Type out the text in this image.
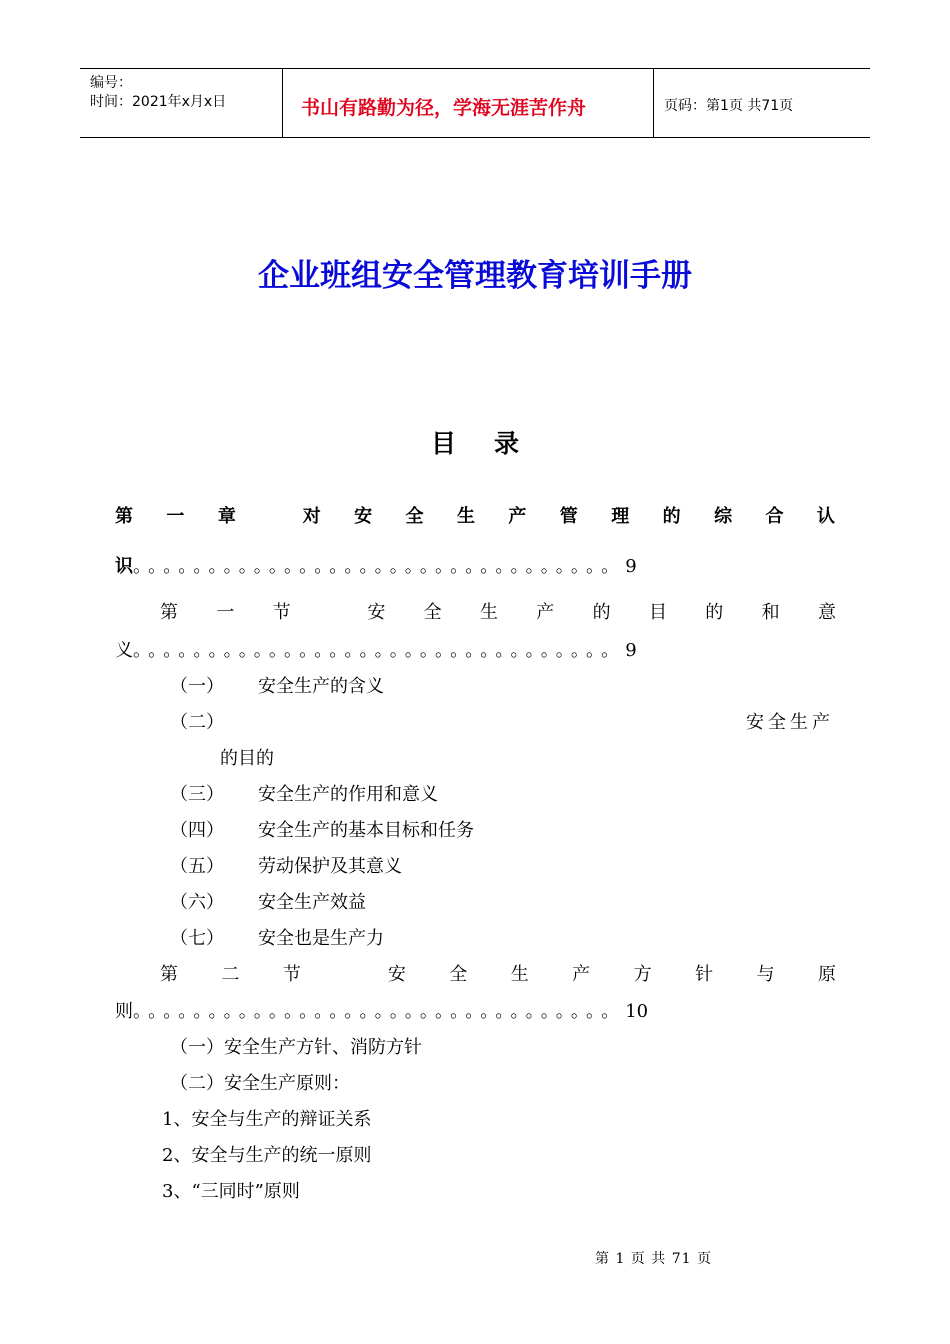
编号：
时间：2021年x月x日	书山有路勤为径，学海无涯苦作舟	页码：第1页 共71页
企业班组安全管理教育培训手册
目录
第 一 章	对 安 全 生 产 管 理 的 综 合 认
识。。。。。。。。。。。。。。。。。。。。。。。。。。。。。。。。9
第 一 节	安 全 生 产 的 目 的 和 意
义。。。。。。。。。。。。。。。。。。。。。。。。。。。。。。。。9
（一） 安全生产的含义
（二）	安全生产
的目的
（三） 安全生产的作用和意义
（四） 安全生产的基本目标和任务
（五） 劳动保护及其意义
（六） 安全生产效益
（七） 安全也是生产力
第 二 节	安 全 生 产 方 针 与 原
则。。。。。。。。。。。。。。。。。。。。。。。。。。。。。。。。10
（一）安全生产方针、消防方针
（二）安全生产原则：
1、安全与生产的辩证关系
2、安全与生产的统一原则
3、“三同时”原则
第 1 页 共 71 页
